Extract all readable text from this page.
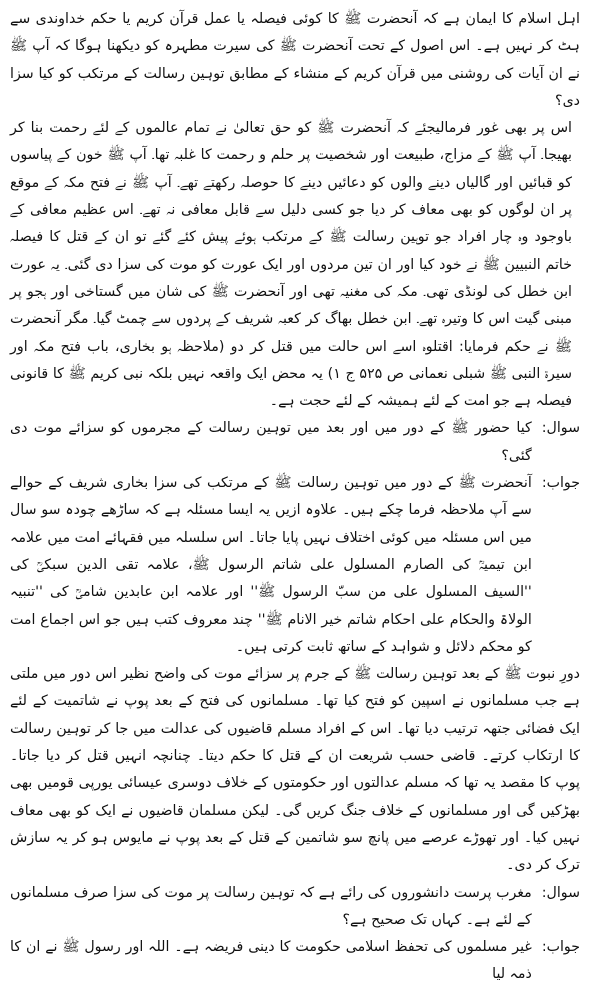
اہل اسلام کا ایمان ہے کہ آنحضرت ﷺ کا کوئی فیصلہ یا عمل قرآن کریم یا حکم خداوندی سے ہٹ کر نہیں ہے۔ اس اصول کے تحت آنحضرت ﷺ کی سیرت مطہرہ کو دیکھنا ہوگا کہ آپ ﷺ نے ان آیات کی روشنی میں قرآن کریم کے منشاء کے مطابق توہین رسالت کے مرتکب کو کیا سزا دی؟

اس پر بھی غور فرمالیجئے کہ آنحضرت ﷺ کو حق تعالیٰ نے تمام عالموں کے لئے رحمت بنا کر بھیجا۔ آپ ﷺ کے مزاج، طبیعت اور شخصیت پر حلم و رحمت کا غلبہ تھا۔ آپ ﷺ خون کے پیاسوں کو قبائیں اور گالیاں دینے والوں کو دعائیں دینے کا حوصلہ رکھتے تھے۔ آپ ﷺ نے فتح مکہ کے موقع پر ان لوگوں کو بھی معاف کر دیا جو کسی دلیل سے قابل معافی نہ تھے۔ اس عظیم معافی کے باوجود وہ چار افراد جو توہین رسالت ﷺ کے مرتکب ہوئے پیش کئے گئے تو ان کے قتل کا فیصلہ خاتم النبیین ﷺ نے خود کیا اور ان تین مردوں اور ایک عورت کو موت کی سزا دی گئی۔ یہ عورت ابن خطل کی لونڈی تھی۔ مکہ کی مغنیہ تھی اور آنحضرت ﷺ کی شان میں گستاخی اور ہجو پر مبنی گیت اس کا وتیرہ تھے۔ ابن خطل بھاگ کر کعبہ شریف کے پردوں سے چمٹ گیا۔ مگر آنحضرت ﷺ نے حکم فرمایا: اقتلوہ اسے اس حالت میں قتل کر دو (ملاحظہ ہو بخاری، باب فتح مکہ اور سیرۃ النبی ﷺ شبلی نعمانی ص ۵۲۵ ج ۱) یہ محض ایک واقعہ نہیں بلکہ نبی کریم ﷺ کا قانونی فیصلہ ہے جو امت کے لئے ہمیشہ کے لئے حجت ہے۔

سوال:
کیا حضور ﷺ کے دور میں اور بعد میں توہین رسالت کے مجرموں کو سزائے موت دی گئی؟
جواب:
آنحضرت ﷺ کے دور میں توہین رسالت ﷺ کے مرتکب کی سزا بخاری شریف کے حوالے سے آپ ملاحظہ فرما چکے ہیں۔ علاوہ ازیں یہ ایسا مسئلہ ہے کہ ساڑھے چودہ سو سال میں اس مسئلہ میں کوئی اختلاف نہیں پایا جاتا۔ اس سلسلہ میں فقہائے امت میں علامہ ابن تیمیہؒ کی الصارم المسلول علی شاتم الرسول ﷺ، علامہ تقی الدین سبکیؒ کی ''السیف المسلول علی من سبّ الرسول ﷺ'' اور علامہ ابن عابدین شامیؒ کی ''تنبیہ الولاۃ والحکام علی احکام شاتم خیر الانام ﷺ'' چند معروف کتب ہیں جو اس اجماع امت کو محکم دلائل و شواہد کے ساتھ ثابت کرتی ہیں۔

دورِ نبوت ﷺ کے بعد توہین رسالت ﷺ کے جرم پر سزائے موت کی واضح نظیر اس دور میں ملتی ہے جب مسلمانوں نے اسپین کو فتح کیا تھا۔ مسلمانوں کی فتح کے بعد پوپ نے شاتمیت کے لئے ایک فضائی جتھہ ترتیب دیا تھا۔ اس کے افراد مسلم قاضیوں کی عدالت میں جا کر توہین رسالت کا ارتکاب کرتے۔ قاضی حسب شریعت ان کے قتل کا حکم دیتا۔ چنانچہ انہیں قتل کر دیا جاتا۔ پوپ کا مقصد یہ تھا کہ مسلم عدالتوں اور حکومتوں کے خلاف دوسری عیسائی یورپی قومیں بھی بھڑکیں گی اور مسلمانوں کے خلاف جنگ کریں گی۔ لیکن مسلمان قاضیوں نے ایک کو بھی معاف نہیں کیا۔ اور تھوڑے عرصے میں پانچ سو شاتمین کے قتل کے بعد پوپ نے مایوس ہو کر یہ سازش ترک کر دی۔

سوال:
مغرب پرست دانشوروں کی رائے ہے کہ توہین رسالت پر موت کی سزا صرف مسلمانوں کے لئے ہے۔ کہاں تک صحیح ہے؟
جواب:
غیر مسلموں کی تحفظ اسلامی حکومت کا دینی فریضہ ہے۔ اللہ اور رسول ﷺ نے ان کا ذمہ لیا
